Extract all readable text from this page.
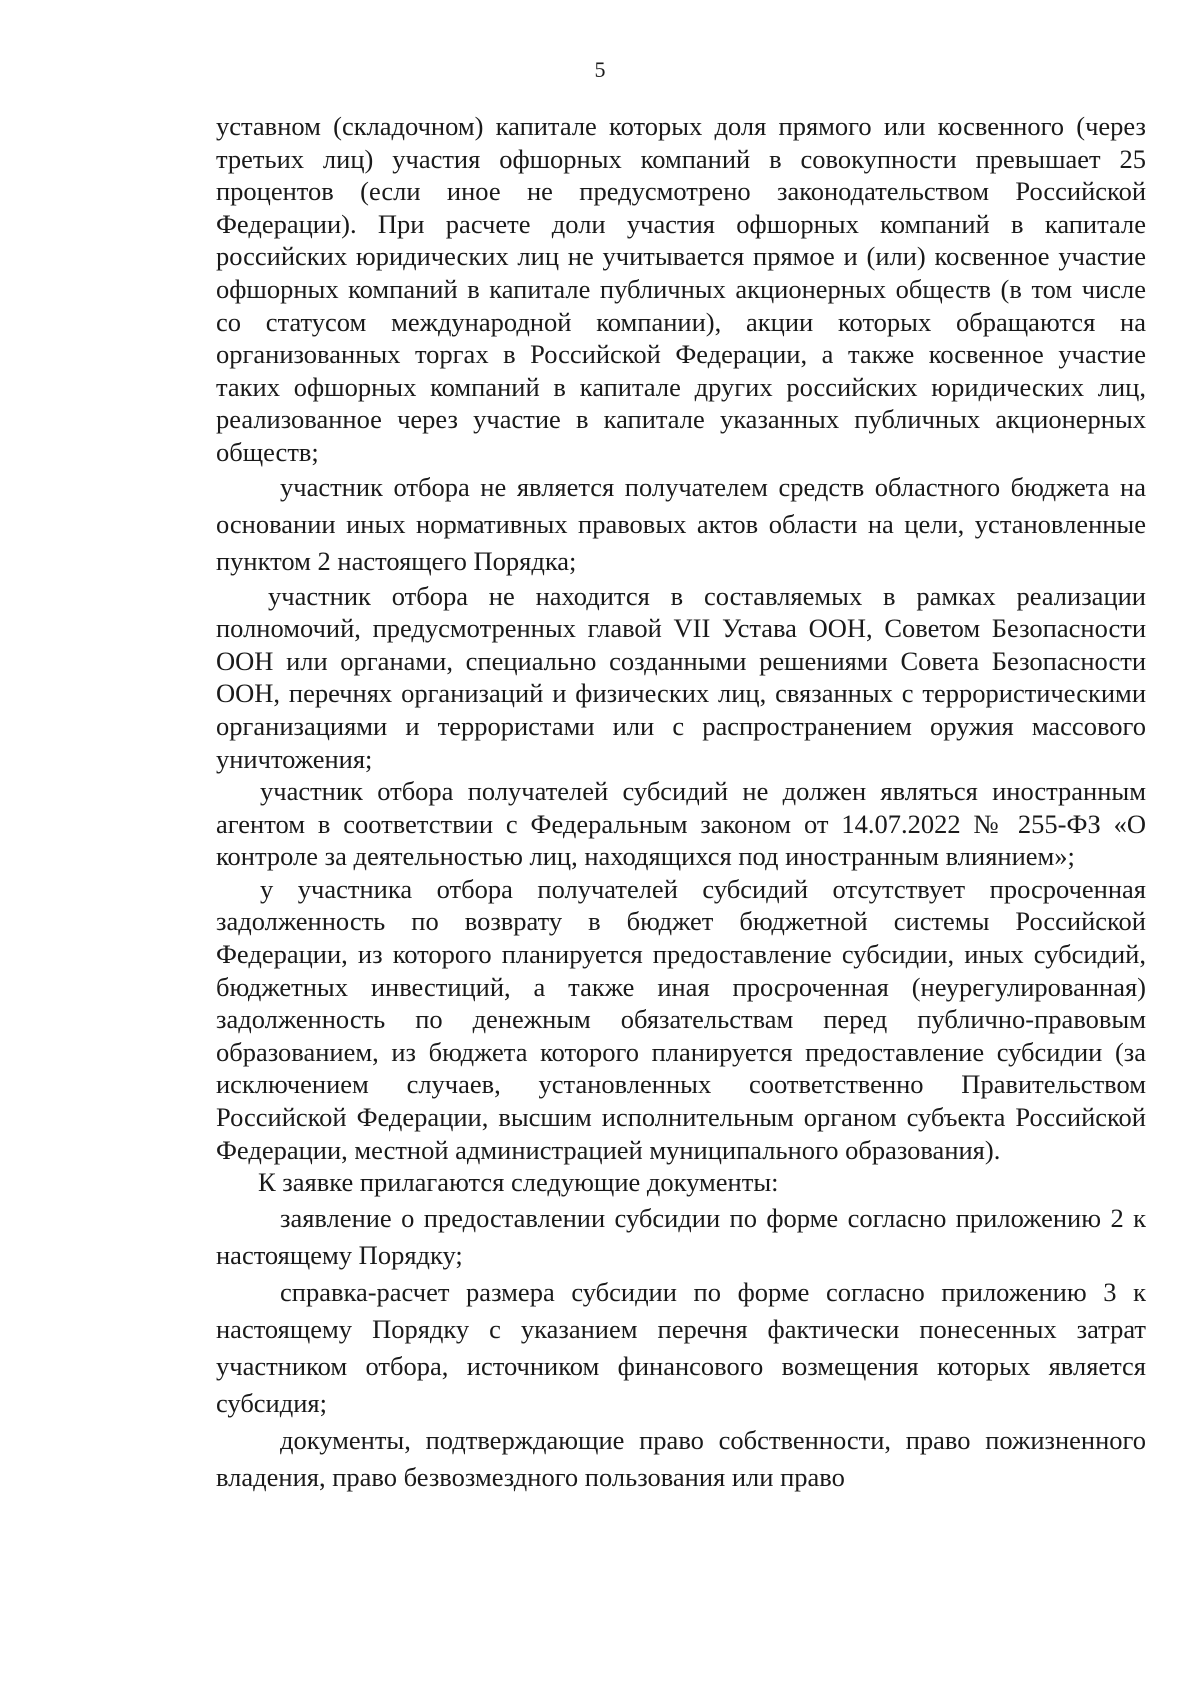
5

уставном (складочном) капитале которых доля прямого или косвенного (через третьих лиц) участия офшорных компаний в совокупности превышает 25 процентов (если иное не предусмотрено законодательством Российской Федерации). При расчете доли участия офшорных компаний в капитале российских юридических лиц не учитывается прямое и (или) косвенное участие офшорных компаний в капитале публичных акционерных обществ (в том числе со статусом международной компании), акции которых обращаются на организованных торгах в Российской Федерации, а также косвенное участие таких офшорных компаний в капитале других российских юридических лиц, реализованное через участие в капитале указанных публичных акционерных обществ;

участник отбора не является получателем средств областного бюджета на основании иных нормативных правовых актов области на цели, установленные пунктом 2 настоящего Порядка;

участник отбора не находится в составляемых в рамках реализации полномочий, предусмотренных главой VII Устава ООН, Советом Безопасности ООН или органами, специально созданными решениями Совета Безопасности ООН, перечнях организаций и физических лиц, связанных с террористическими организациями и террористами или с распространением оружия массового уничтожения;

участник отбора получателей субсидий не должен являться иностранным агентом в соответствии с Федеральным законом от 14.07.2022 № 255-ФЗ «О контроле за деятельностью лиц, находящихся под иностранным влиянием»;

у участника отбора получателей субсидий отсутствует просроченная задолженность по возврату в бюджет бюджетной системы Российской Федерации, из которого планируется предоставление субсидии, иных субсидий, бюджетных инвестиций, а также иная просроченная (неурегулированная) задолженность по денежным обязательствам перед публично-правовым образованием, из бюджета которого планируется предоставление субсидии (за исключением случаев, установленных соответственно Правительством Российской Федерации, высшим исполнительным органом субъекта Российской Федерации, местной администрацией муниципального образования).

К заявке прилагаются следующие документы:

заявление о предоставлении субсидии по форме согласно приложению 2 к настоящему Порядку;

справка-расчет размера субсидии по форме согласно приложению 3 к настоящему Порядку с указанием перечня фактически понесенных затрат участником отбора, источником финансового возмещения которых является субсидия;

документы, подтверждающие право собственности, право пожизненного владения, право безвозмездного пользования или право
